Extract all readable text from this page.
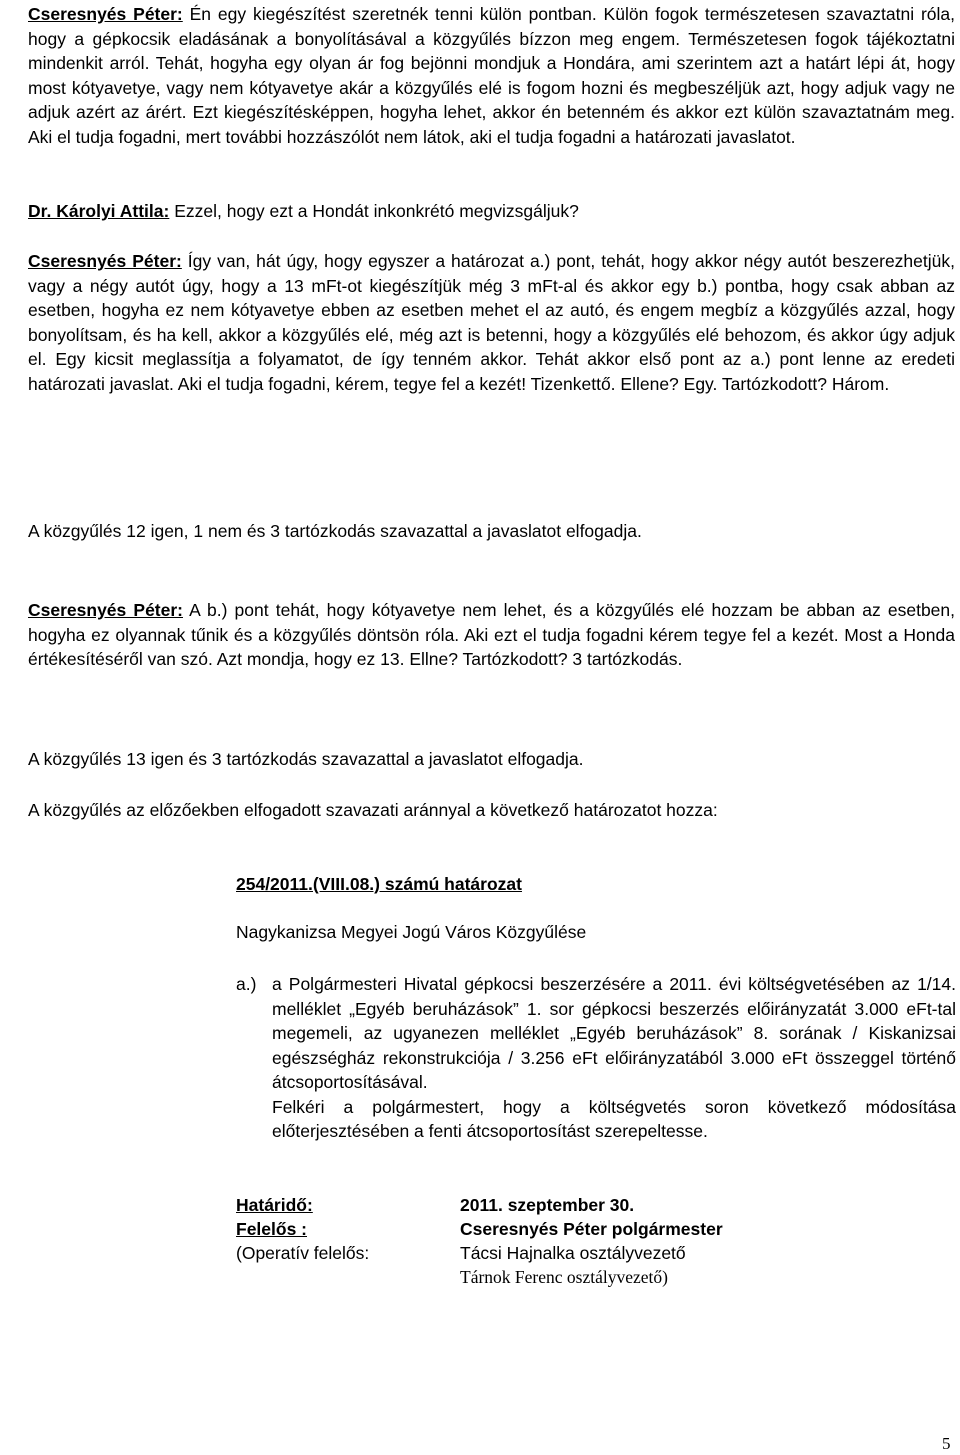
Cseresnyés Péter: Én egy kiegészítést szeretnék tenni külön pontban. Külön fogok természetesen szavaztatni róla, hogy a gépkocsik eladásának a bonyolításával a közgyűlés bízzon meg engem. Természetesen fogok tájékoztatni mindenkit arról. Tehát, hogyha egy olyan ár fog bejönni mondjuk a Hondára, ami szerintem azt a határt lépi át, hogy most kótyavetye, vagy nem kótyavetye akár a közgyűlés elé is fogom hozni és megbeszéljük azt, hogy adjuk vagy ne adjuk azért az árért. Ezt kiegészítésképpen, hogyha lehet, akkor én betenném és akkor ezt külön szavaztatnám meg. Aki el tudja fogadni, mert további hozzászólót nem látok, aki el tudja fogadni a határozati javaslatot.

Dr. Károlyi Attila: Ezzel, hogy ezt a Hondát inkonkrétó megvizsgáljuk?

Cseresnyés Péter: Így van, hát úgy, hogy egyszer a határozat a.) pont, tehát, hogy akkor négy autót beszerezhetjük, vagy a négy autót úgy, hogy a 13 mFt-ot kiegészítjük még 3 mFt-al és akkor egy b.) pontba, hogy csak abban az esetben, hogyha ez nem kótyavetye ebben az esetben mehet el az autó, és engem megbíz a közgyűlés azzal, hogy bonyolítsam, és ha kell, akkor a közgyűlés elé, még azt is betenni, hogy a közgyűlés elé behozom, és akkor úgy adjuk el. Egy kicsit meglassítja a folyamatot, de így tenném akkor. Tehát akkor első pont az a.) pont lenne az eredeti határozati javaslat. Aki el tudja fogadni, kérem, tegye fel a kezét! Tizenkettő. Ellene? Egy. Tartózkodott? Három.

A közgyűlés 12 igen, 1 nem és 3 tartózkodás szavazattal a javaslatot elfogadja.

Cseresnyés Péter: A b.) pont tehát, hogy kótyavetye nem lehet, és a közgyűlés elé hozzam be abban az esetben, hogyha ez olyannak tűnik és a közgyűlés döntsön róla. Aki ezt el tudja fogadni kérem tegye fel a kezét. Most a Honda értékesítéséről van szó. Azt mondja, hogy ez 13. Ellne? Tartózkodott? 3 tartózkodás.

A közgyűlés 13 igen és 3 tartózkodás szavazattal a javaslatot elfogadja.

A közgyűlés az előzőekben elfogadott szavazati aránnyal a következő határozatot hozza:

254/2011.(VIII.08.) számú határozat
Nagykanizsa Megyei Jogú Város Közgyűlése
a.) a Polgármesteri Hivatal gépkocsi beszerzésére a 2011. évi költségvetésében az 1/14. melléklet „Egyéb beruházások” 1. sor gépkocsi beszerzés előirányzatát 3.000 eFt-tal megemeli, az ugyanezen melléklet „Egyéb beruházások” 8. sorának / Kiskanizsai egészségház rekonstrukciója / 3.256 eFt előirányzatából 3.000 eFt összeggel történő átcsoportosításával.
Felkéri a polgármestert, hogy a költségvetés soron következő módosítása előterjesztésében a fenti átcsoportosítást szerepeltesse.
Határidő:	2011. szeptember 30.
Felelős :	Cseresnyés Péter polgármester
(Operatív felelős:	Tácsi Hajnalka osztályvezető
Tárnok Ferenc osztályvezető)
5
